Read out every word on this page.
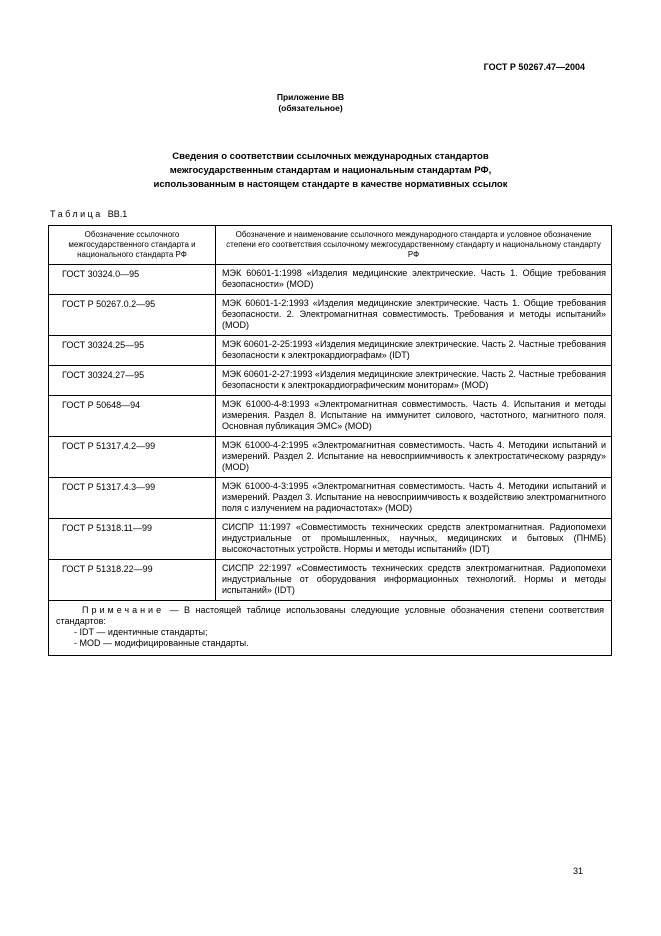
ГОСТ Р 50267.47—2004
Приложение ВВ
(обязательное)
Сведения о соответствии ссылочных международных стандартов
межгосударственным стандартам и национальным стандартам РФ,
использованным в настоящем стандарте в качестве нормативных ссылок
Таблица ВВ.1
Обозначение ссылочного межгосударственного стандарта и национального стандарта РФ	Обозначение и наименование ссылочного международного стандарта и условное обозначение степени его соответствия ссылочному межгосударственному стандарту и национальному стандарту РФ
ГОСТ 30324.0—95	МЭК 60601-1:1998 «Изделия медицинские электрические. Часть 1. Общие требования безопасности» (MOD)
ГОСТ Р 50267.0.2—95	МЭК 60601-1-2:1993 «Изделия медицинские электрические. Часть 1. Общие требования безопасности. 2. Электромагнитная совместимость. Требования и методы испытаний» (MOD)
ГОСТ 30324.25—95	МЭК 60601-2-25:1993 «Изделия медицинские электрические. Часть 2. Частные требования безопасности к электрокардиографам» (IDT)
ГОСТ 30324.27—95	МЭК 60601-2-27:1993 «Изделия медицинские электрические. Часть 2. Частные требования безопасности к электрокардиографическим мониторам» (MOD)
ГОСТ Р 50648—94	МЭК 61000-4-8:1993 «Электромагнитная совместимость. Часть 4. Испытания и методы измерения. Раздел 8. Испытание на иммунитет силового, частотного, магнитного поля. Основная публикация ЭМС» (MOD)
ГОСТ Р 51317.4.2—99	МЭК 61000-4-2:1995 «Электромагнитная совместимость. Часть 4. Методики испытаний и измерений. Раздел 2. Испытание на невосприимчивость к электростатическому разряду» (MOD)
ГОСТ Р 51317.4.3—99	МЭК 61000-4-3:1995 «Электромагнитная совместимость. Часть 4. Методики испытаний и измерений. Раздел 3. Испытание на невосприимчивость к воздействию электромагнитного поля с излучением на радиочастотах» (MOD)
ГОСТ Р 51318.11—99	СИСПР 11:1997 «Совместимость технических средств электромагнитная. Радиопомехи индустриальные от промышленных, научных, медицинских и бытовых (ПНМБ) высокочастотных устройств. Нормы и методы испытаний» (IDT)
ГОСТ Р 51318.22—99	СИСПР 22:1997 «Совместимость технических средств электромагнитная. Радиопомехи индустриальные от оборудования информационных технологий. Нормы и методы испытаний» (IDT)

Примечание — В настоящей таблице использованы следующие условные обозначения степени соответствия стандартов:
- IDT — идентичные стандарты;
- MOD — модифицированные стандарты.	
31
